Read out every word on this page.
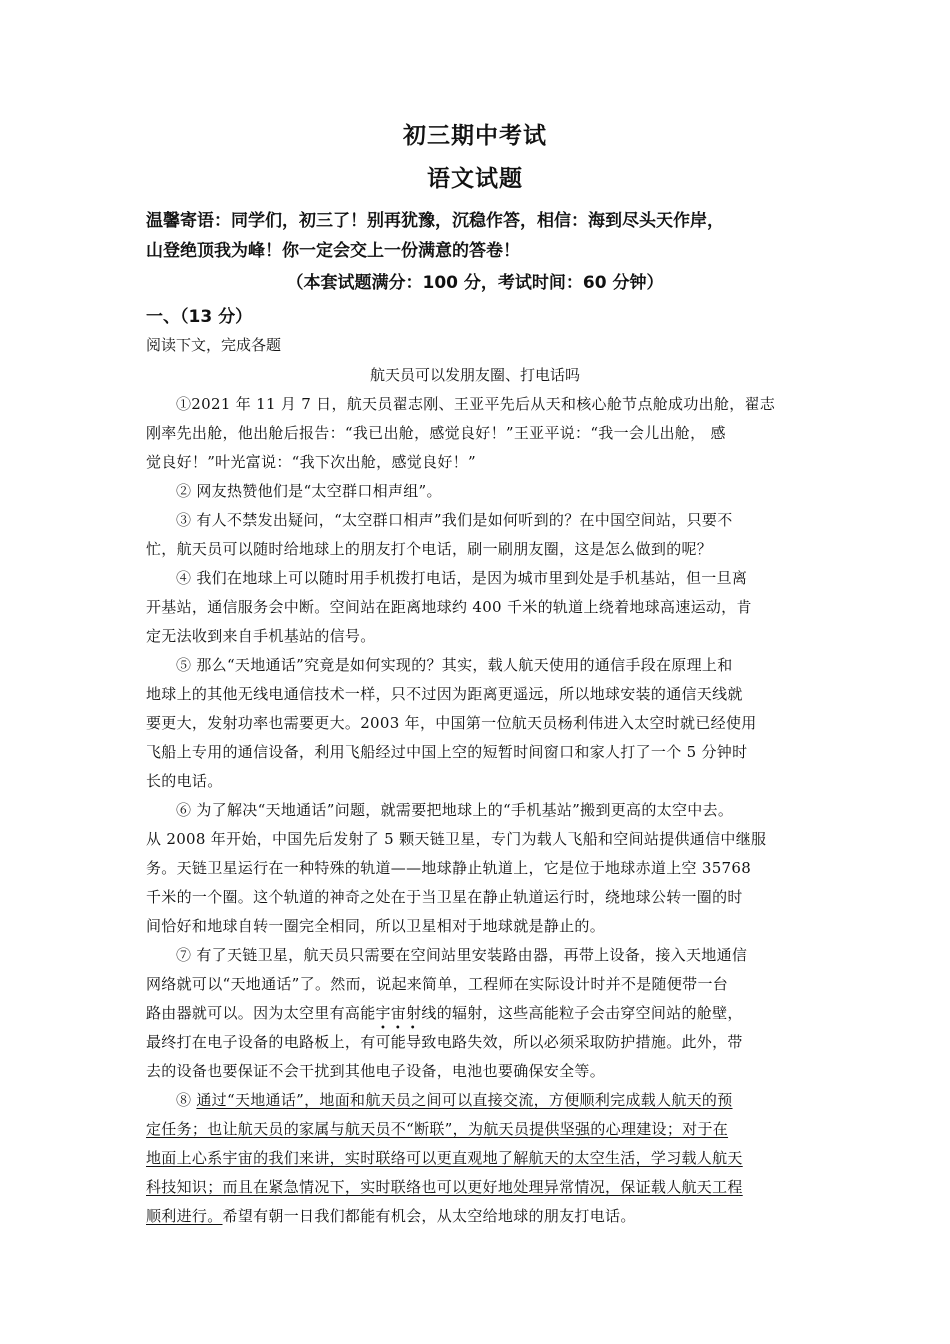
初三期中考试
语文试题
温馨寄语：同学们，初三了！别再犹豫，沉稳作答，相信：海到尽头天作岸，
山登绝顶我为峰！你一定会交上一份满意的答卷！
（本套试题满分：100 分，考试时间：60 分钟）
一、（13 分）
阅读下文，完成各题
航天员可以发朋友圈、打电话吗
①2021 年 11 月 7 日，航天员翟志刚、王亚平先后从天和核心舱节点舱成功出舱，翟志
刚率先出舱，他出舱后报告：“我已出舱，感觉良好！”王亚平说：“我一会儿出舱， 感
觉良好！”叶光富说：“我下次出舱，感觉良好！”
② 网友热赞他们是“太空群口相声组”。
③ 有人不禁发出疑问，“太空群口相声”我们是如何听到的？在中国空间站，只要不
忙，航天员可以随时给地球上的朋友打个电话，刷一刷朋友圈，这是怎么做到的呢？
④ 我们在地球上可以随时用手机拨打电话，是因为城市里到处是手机基站，但一旦离
开基站，通信服务会中断。空间站在距离地球约 400 千米的轨道上绕着地球高速运动，肯
定无法收到来自手机基站的信号。
⑤ 那么“天地通话”究竟是如何实现的？其实，载人航天使用的通信手段在原理上和
地球上的其他无线电通信技术一样，只不过因为距离更遥远，所以地球安装的通信天线就
要更大，发射功率也需要更大。2003 年，中国第一位航天员杨利伟进入太空时就已经使用
飞船上专用的通信设备，利用飞船经过中国上空的短暂时间窗口和家人打了一个 5 分钟时
长的电话。
⑥ 为了解决“天地通话”问题，就需要把地球上的“手机基站”搬到更高的太空中去。
从 2008 年开始，中国先后发射了 5 颗天链卫星，专门为载人飞船和空间站提供通信中继服
务。天链卫星运行在一种特殊的轨道——地球静止轨道上，它是位于地球赤道上空 35768
千米的一个圈。这个轨道的神奇之处在于当卫星在静止轨道运行时，绕地球公转一圈的时
间恰好和地球自转一圈完全相同，所以卫星相对于地球就是静止的。
⑦ 有了天链卫星，航天员只需要在空间站里安装路由器，再带上设备，接入天地通信
网络就可以“天地通话”了。然而，说起来简单，工程师在实际设计时并不是随便带一台
路由器就可以。因为太空里有高能宇宙射线的辐射，这些高能粒子会击穿空间站的舱壁，
•••
最终打在电子设备的电路板上，有可能导致电路失效，所以必须采取防护措施。此外，带
去的设备也要保证不会干扰到其他电子设备，电池也要确保安全等。
⑧ 通过“天地通话”，地面和航天员之间可以直接交流，方便顺利完成载人航天的预
定任务；也让航天员的家属与航天员不“断联”，为航天员提供坚强的心理建设；对于在
地面上心系宇宙的我们来讲，实时联络可以更直观地了解航天的太空生活，学习载人航天
科技知识；而且在紧急情况下，实时联络也可以更好地处理异常情况，保证载人航天工程
顺利进行。希望有朝一日我们都能有机会，从太空给地球的朋友打电话。
